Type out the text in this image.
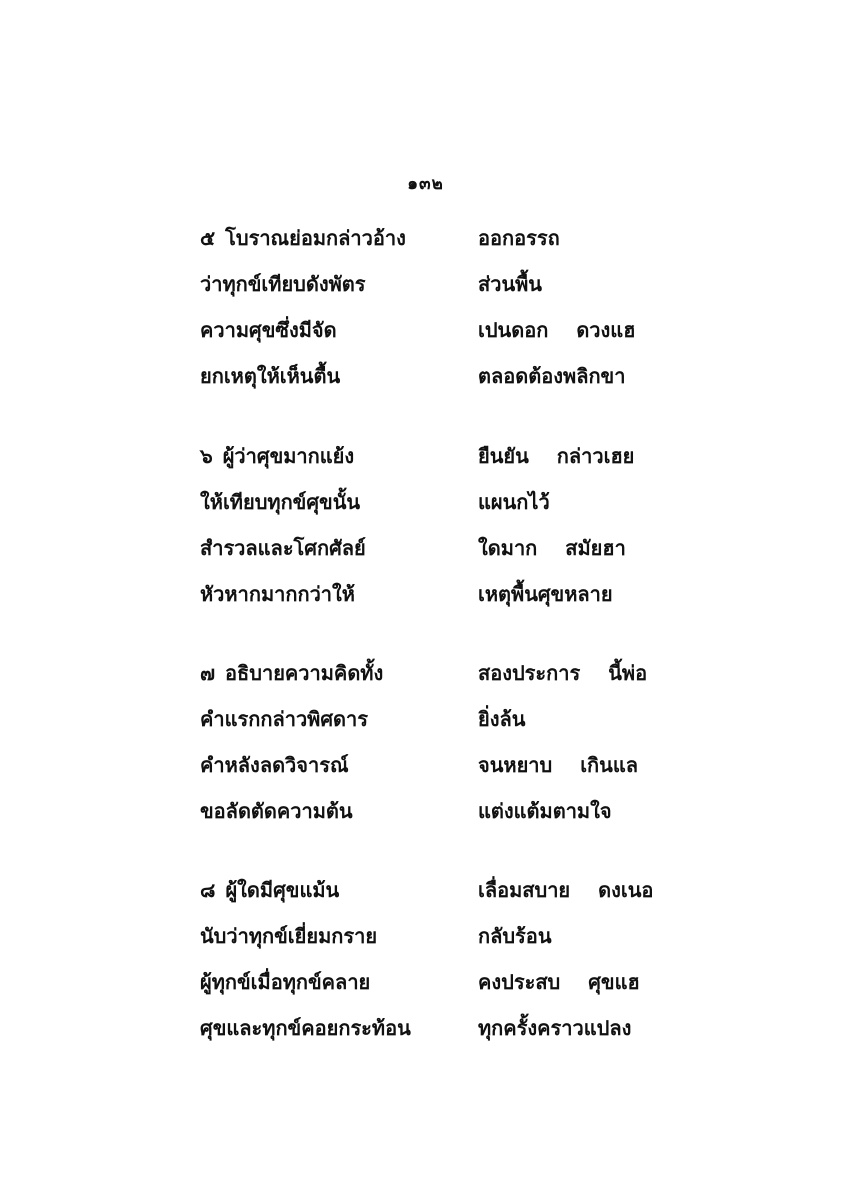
๑๓๒
๕ โบราณย่อมกล่าวอ้าง	ออกอรรถ
ว่าทุกข์เทียบดังพัตร	ส่วนพื้น
ความศุขซึ่งมีจัด	เปนดอก ดวงแฮ
ยกเหตุให้เห็นตื้น	ตลอดต้องพลิกขา
๖ ผู้ว่าศุขมากแย้ง	ยืนยัน กล่าวเฮย
ให้เทียบทุกข์ศุขนั้น	แผนกไว้
สำรวลและโศกศัลย์	ใดมาก สมัยฮา
หัวหากมากกว่าให้	เหตุพื้นศุขหลาย
๗ อธิบายความคิดทั้ง	สองประการ นี้พ่อ
คำแรกกล่าวพิศดาร	ยิ่งล้น
คำหลังลดวิจารณ์	จนหยาบ เกินแล
ขอลัดตัดความต้น	แต่งแต้มตามใจ
๘ ผู้ใดมีศุขแม้น	เลื่อมสบาย ดงเนอ
นับว่าทุกข์เยี่ยมกราย	กลับร้อน
ผู้ทุกข์เมื่อทุกข์คลาย	คงประสบ ศุขแฮ
ศุขและทุกข์คอยกระท้อน	ทุกครั้งคราวแปลง
